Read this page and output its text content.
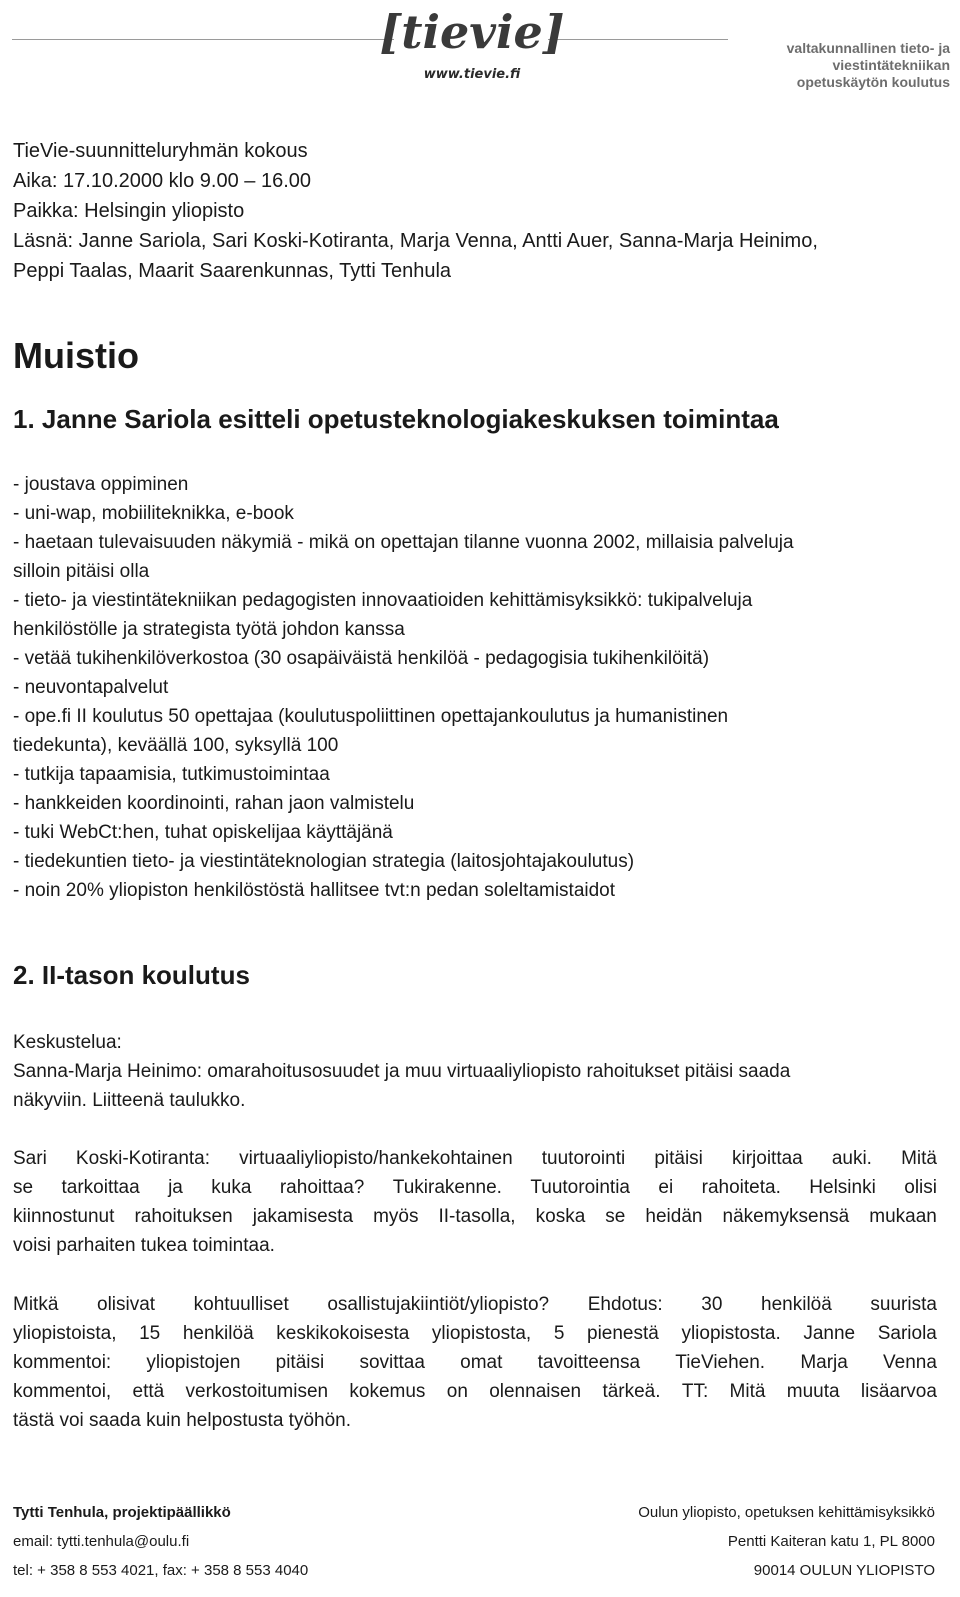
[tievie]
www.tievie.fi
valtakunnallinen tieto- ja
viestintätekniikan
opetuskäytön koulutus
TieVie-suunnitteluryhmän kokous
Aika: 17.10.2000 klo 9.00 – 16.00
Paikka: Helsingin yliopisto
Läsnä: Janne Sariola, Sari Koski-Kotiranta, Marja Venna, Antti Auer, Sanna-Marja Heinimo,
Peppi Taalas, Maarit Saarenkunnas, Tytti Tenhula
Muistio
1. Janne Sariola esitteli opetusteknologiakeskuksen toimintaa
- joustava oppiminen
- uni-wap, mobiiliteknikka, e-book
- haetaan tulevaisuuden näkymiä - mikä on opettajan tilanne vuonna 2002, millaisia palveluja
silloin pitäisi olla
- tieto- ja viestintätekniikan pedagogisten innovaatioiden kehittämisyksikkö: tukipalveluja
henkilöstölle ja strategista työtä johdon kanssa
- vetää tukihenkilöverkostoa (30 osapäiväistä henkilöä - pedagogisia tukihenkilöitä)
- neuvontapalvelut
- ope.fi II koulutus 50 opettajaa (koulutuspoliittinen opettajankoulutus ja humanistinen
tiedekunta), keväällä 100, syksyllä 100
- tutkija tapaamisia, tutkimustoimintaa
- hankkeiden koordinointi, rahan jaon valmistelu
- tuki WebCt:hen, tuhat opiskelijaa käyttäjänä
- tiedekuntien tieto- ja viestintäteknologian strategia (laitosjohtajakoulutus)
- noin 20% yliopiston henkilöstöstä hallitsee tvt:n pedan soleltamistaidot
2. II-tason koulutus
Keskustelua:
Sanna-Marja Heinimo: omarahoitusosuudet ja muu virtuaaliyliopisto rahoitukset pitäisi saada
näkyviin. Liitteenä taulukko.
Sari Koski-Kotiranta: virtuaaliyliopisto/hankekohtainen tuutorointi pitäisi kirjoittaa auki. Mitä
se tarkoittaa ja kuka rahoittaa? Tukirakenne. Tuutorointia ei rahoiteta. Helsinki olisi
kiinnostunut rahoituksen jakamisesta myös II-tasolla, koska se heidän näkemyksensä mukaan
voisi parhaiten tukea toimintaa.
Mitkä olisivat kohtuulliset osallistujakiintiöt/yliopisto? Ehdotus: 30 henkilöä suurista
yliopistoista, 15 henkilöä keskikokoisesta yliopistosta, 5 pienestä yliopistosta. Janne Sariola
kommentoi: yliopistojen pitäisi sovittaa omat tavoitteensa TieViehen. Marja Venna
kommentoi, että verkostoitumisen kokemus on olennaisen tärkeä. TT: Mitä muuta lisäarvoa
tästä voi saada kuin helpostusta työhön.
Tytti Tenhula, projektipäällikkö
email: tytti.tenhula@oulu.fi
tel: + 358 8 553 4021, fax: + 358 8 553 4040
Oulun yliopisto, opetuksen kehittämisyksikkö
Pentti Kaiteran katu 1, PL 8000
90014 OULUN YLIOPISTO
